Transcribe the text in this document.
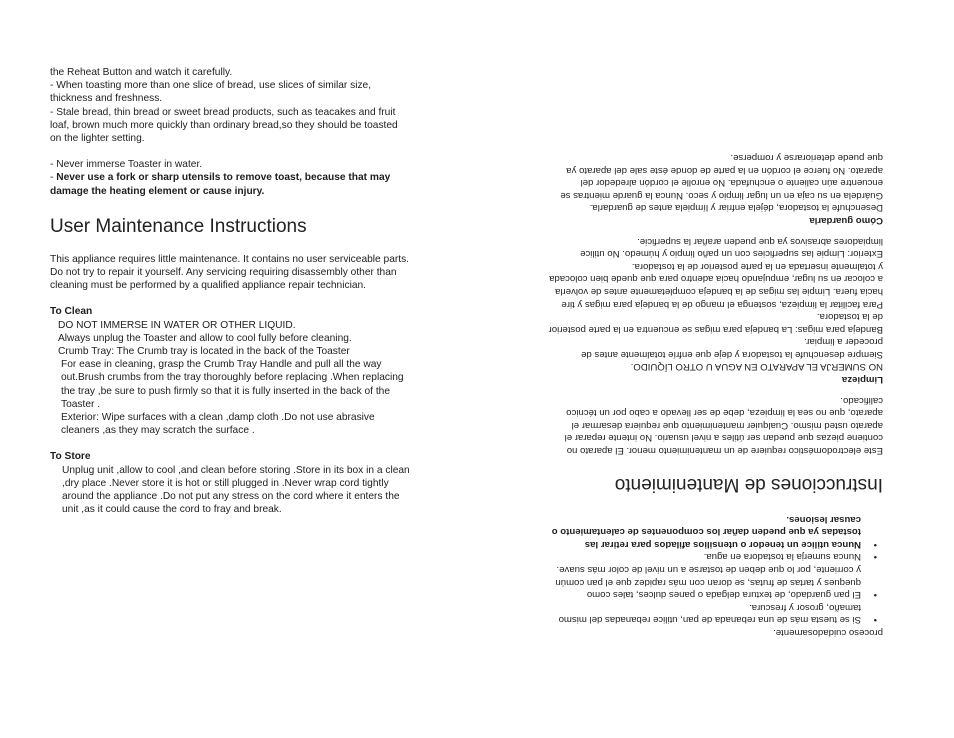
the Reheat Button and watch it carefully.

- When toasting more than one slice of bread, use slices of similar size, thickness and freshness.

- Stale bread, thin bread or sweet bread products, such as teacakes and fruit loaf, brown much more quickly than ordinary bread,so they should be toasted on the lighter setting.

- Never immerse Toaster in water.

- Never use a fork or sharp utensils to remove toast, because that may damage the heating element or cause injury.

User Maintenance Instructions

This appliance requires little maintenance. It contains no user serviceable parts. Do not try to repair it yourself. Any servicing requiring disassembly other than cleaning must be performed by a qualified appliance repair technician.

To Clean

DO NOT IMMERSE IN WATER OR OTHER LIQUID.

Always unplug the Toaster and allow to cool fully before cleaning.

Crumb Tray: The Crumb tray is located in the back of the Toaster

For ease in cleaning, grasp the Crumb Tray Handle and pull all the way out.Brush crumbs from the tray thoroughly before replacing .When replacing the tray ,be sure to push firmly so that it is fully inserted in the back of the Toaster .

Exterior: Wipe surfaces with a clean ,damp cloth .Do not use abrasive cleaners ,as they may scratch the surface .

To Store

Unplug unit ,allow to cool ,and clean before storing .Store in its box in a clean ,dry place .Never store it is hot or still plugged in .Never wrap cord tightly around the appliance .Do not put any stress on the cord where it enters the unit ,as it could cause the cord to fray and break.

proceso cuidadosamente.

•
Si se tuesta más de una rebanada de pan, utilice rebanadas del mismo tamaño, grosor y frescura.

•
El pan guardado, de textura delgada o panes dulces, tales como queques y tartas de frutas, se doran con más rapidez que el pan común y corriente, por lo que deben de tostarse a un nivel de color más suave.

•
Nunca sumerja la tostadora en agua.

•
Nunca utilice un tenedor o utensilios afilados para retirar las tostadas ya que pueden dañar los componentes de calentamiento o causar lesiones.

Instrucciones de Mantenimiento

Este electrodoméstico requiere de un mantenimiento menor. El aparato no contiene piezas que puedan ser útiles a nivel usuario. No intente reparar el aparato usted mismo. Cualquier mantenimiento que requiera desarmar el aparato, que no sea la limpieza, debe de ser llevado a cabo por un técnico calificado.

Limpieza

NO SUMERJA EL APARATO EN AGUA U OTRO LÍQUIDO.

Siempre desenchufe la tostadora y deje que enfríe totalmente antes de proceder a limpiar.

Bandeja para migas: La bandeja para migas se encuentra en la parte posterior de la tostadora.

Para facilitar la limpieza, sostenga el mango de la bandeja para migas y tire hacia fuera. Limpie las migas de la bandeja completamente antes de volverla a colocar en su lugar, empujando hacia adentro para que quede bien colocada y totalmente insertada en la parte posterior de la tostadora.

Exterior: Limpie las superficies con un paño limpio y húmedo. No utilice limpiadores abrasivos ya que pueden arañar la superficie.

Cómo guardarla

Desenchufe la tostadora, déjela enfriar y límpiela antes de guardarla. Guárdela en su caja en un lugar limpio y seco. Nunca la guarde mientras se encuentre aún caliente o enchufada. No enrolle el cordón alrededor del aparato. No fuerce el cordón en la parte de donde éste sale del aparato ya que puede deteriorarse y romperse.
